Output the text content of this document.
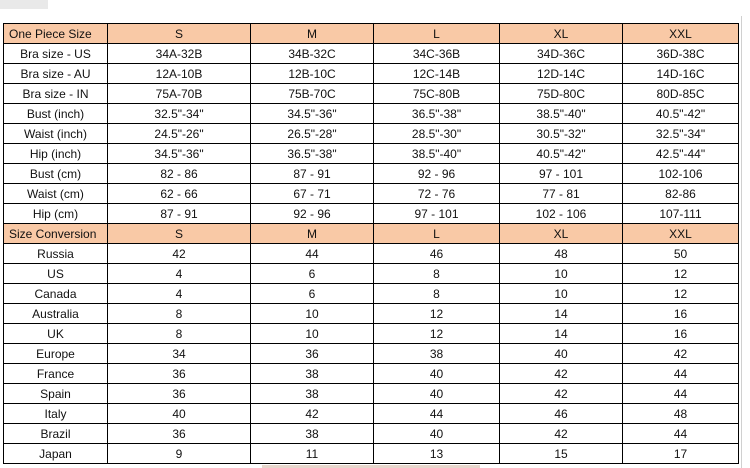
One Piece Size	S	M	L	XL	XXL
Bra size - US	34A-32B	34B-32C	34C-36B	34D-36C	36D-38C
Bra size - AU	12A-10B	12B-10C	12C-14B	12D-14C	14D-16C
Bra size - IN	75A-70B	75B-70C	75C-80B	75D-80C	80D-85C
Bust (inch)	32.5"-34"	34.5"-36"	36.5"-38"	38.5"-40"	40.5"-42"
Waist (inch)	24.5"-26"	26.5"-28"	28.5"-30"	30.5"-32"	32.5"-34"
Hip (inch)	34.5"-36"	36.5"-38"	38.5"-40"	40.5"-42"	42.5"-44"
Bust (cm)	82 - 86	87 - 91	92 - 96	97 - 101	102-106
Waist (cm)	62 - 66	67 - 71	72 - 76	77 - 81	82-86
Hip (cm)	87 - 91	92 - 96	97 - 101	102 - 106	107-111
Size Conversion	S	M	L	XL	XXL
Russia	42	44	46	48	50
US	4	6	8	10	12
Canada	4	6	8	10	12
Australia	8	10	12	14	16
UK	8	10	12	14	16
Europe	34	36	38	40	42
France	36	38	40	42	44
Spain	36	38	40	42	44
Italy	40	42	44	46	48
Brazil	36	38	40	42	44
Japan	9	11	13	15	17
